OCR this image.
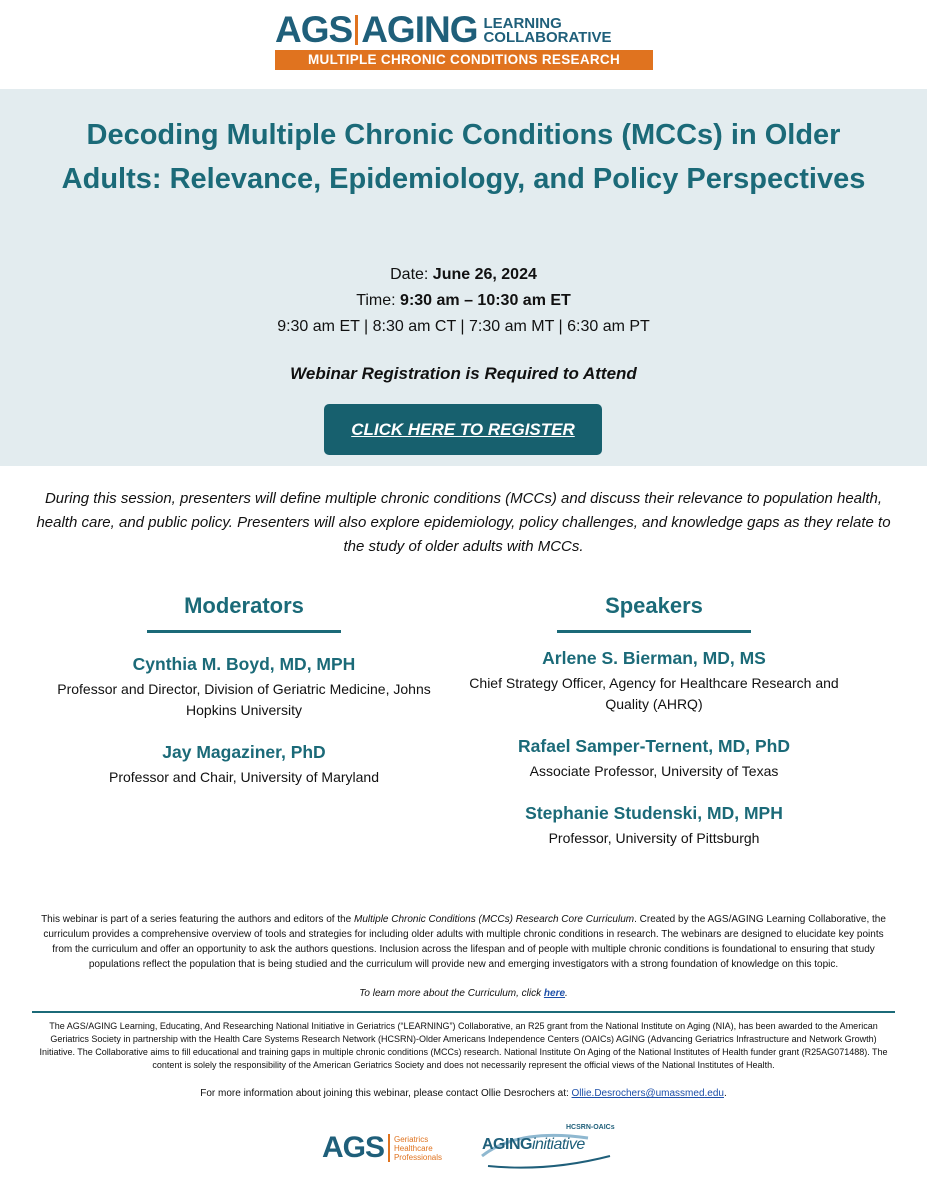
AGS AGING LEARNING
COLLABORATIVE
MULTIPLE CHRONIC CONDITIONS RESEARCH
Decoding Multiple Chronic Conditions (MCCs) in Older Adults: Relevance, Epidemiology, and Policy Perspectives
Date: June 26, 2024
Time: 9:30 am – 10:30 am ET
9:30 am ET | 8:30 am CT | 7:30 am MT | 6:30 am PT
Webinar Registration is Required to Attend
CLICK HERE TO REGISTER

During this session, presenters will define multiple chronic conditions (MCCs) and discuss their relevance to population health, health care, and public policy. Presenters will also explore epidemiology, policy challenges, and knowledge gaps as they relate to the study of older adults with MCCs.

Moderators
Cynthia M. Boyd, MD, MPH
Professor and Director, Division of Geriatric Medicine, Johns Hopkins University
Jay Magaziner, PhD
Professor and Chair, University of Maryland
Speakers
Arlene S. Bierman, MD, MS
Chief Strategy Officer, Agency for Healthcare Research and Quality (AHRQ)
Rafael Samper-Ternent, MD, PhD
Associate Professor, University of Texas
Stephanie Studenski, MD, MPH
Professor, University of Pittsburgh

This webinar is part of a series featuring the authors and editors of the Multiple Chronic Conditions (MCCs) Research Core Curriculum. Created by the AGS/AGING Learning Collaborative, the curriculum provides a comprehensive overview of tools and strategies for including older adults with multiple chronic conditions in research. The webinars are designed to elucidate key points from the curriculum and offer an opportunity to ask the authors questions. Inclusion across the lifespan and of people with multiple chronic conditions is foundational to ensuring that study populations reflect the population that is being studied and the curriculum will provide new and emerging investigators with a strong foundation of knowledge on this topic.

To learn more about the Curriculum, click here.

The AGS/AGING Learning, Educating, And Researching National Initiative in Geriatrics (“LEARNING”) Collaborative, an R25 grant from the National Institute on Aging (NIA), has been awarded to the American Geriatrics Society in partnership with the Health Care Systems Research Network (HCSRN)-Older Americans Independence Centers (OAICs) AGING (Advancing Geriatrics Infrastructure and Network Growth) Initiative. The Collaborative aims to fill educational and training gaps in multiple chronic conditions (MCCs) research. National Institute On Aging of the National Institutes of Health funder grant (R25AG071488). The content is solely the responsibility of the American Geriatrics Society and does not necessarily represent the official views of the National Institutes of Health.

For more information about joining this webinar, please contact Ollie Desrochers at: Ollie.Desrochers@umassmed.edu.

AGS Geriatrics
Healthcare
Professionals
HCSRN-OAICs
AGINGinitiative
